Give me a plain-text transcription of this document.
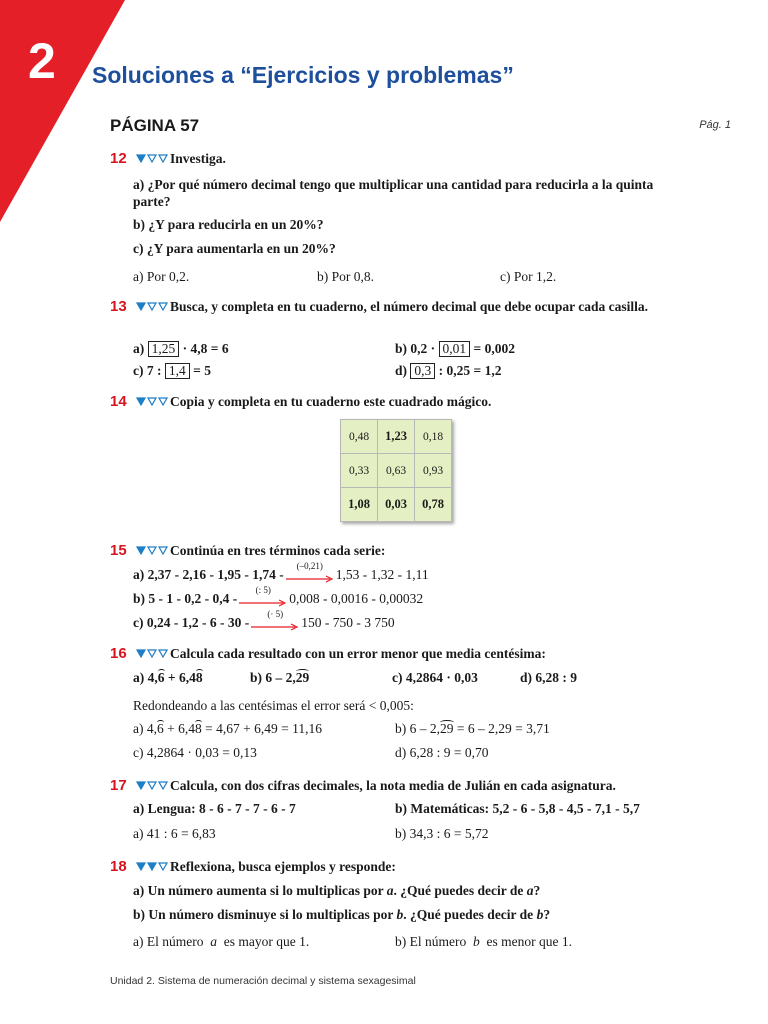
2 Soluciones a “Ejercicios y problemas”
PÁGINA 57	Pág. 1
12	Investiga.
a) ¿Por qué número decimal tengo que multiplicar una cantidad para reducirla a la quinta parte?
b) ¿Y para reducirla en un 20%?
c) ¿Y para aumentarla en un 20%?
a) Por 0,2.	b) Por 0,8.	c) Por 1,2.
13	Busca, y completa en tu cuaderno, el número decimal que debe ocupar cada casilla.
a) 1,25 · 4,8 = 6	b) 0,2 · 0,01 = 0,002
c) 7 : 1,4 = 5	d) 0,3 : 0,25 = 1,2
14	Copia y completa en tu cuaderno este cuadrado mágico.
0,48	1,23	0,18
0,33	0,63	0,93
1,08	0,03	0,78
15	Continúa en tres términos cada serie:
a) 2,37 - 2,16 - 1,95 - 1,74 -
(–0,21)
1,53 - 1,32 - 1,11
b) 5 - 1 - 0,2 - 0,4 -
(: 5)
0,008 - 0,0016 - 0,00032
c) 0,24 - 1,2 - 6 - 30 -
(· 5)
150 - 750 - 3 750
16	Calcula cada resultado con un error menor que media centésima:
a) 4,6 + 6,48	b) 6 – 2,29	c) 4,2864 · 0,03	d) 6,28 : 9
Redondeando a las centésimas el error será < 0,005:
a) 4,6 + 6,48 = 4,67 + 6,49 = 11,16	b) 6 – 2,29 = 6 – 2,29 = 3,71
c) 4,2864 · 0,03 = 0,13	d) 6,28 : 9 = 0,70
17	Calcula, con dos cifras decimales, la nota media de Julián en cada asignatura.
a) Lengua: 8 - 6 - 7 - 7 - 6 - 7	b) Matemáticas: 5,2 - 6 - 5,8 - 4,5 - 7,1 - 5,7
a) 41 : 6 = 6,83	b) 34,3 : 6 = 5,72
18	Reflexiona, busca ejemplos y responde:
a) Un número aumenta si lo multiplicas por a. ¿Qué puedes decir de a?
b) Un número disminuye si lo multiplicas por b. ¿Qué puedes decir de b?
a) El número a es mayor que 1.	b) El número b es menor que 1.
Unidad 2. Sistema de numeración decimal y sistema sexagesimal
